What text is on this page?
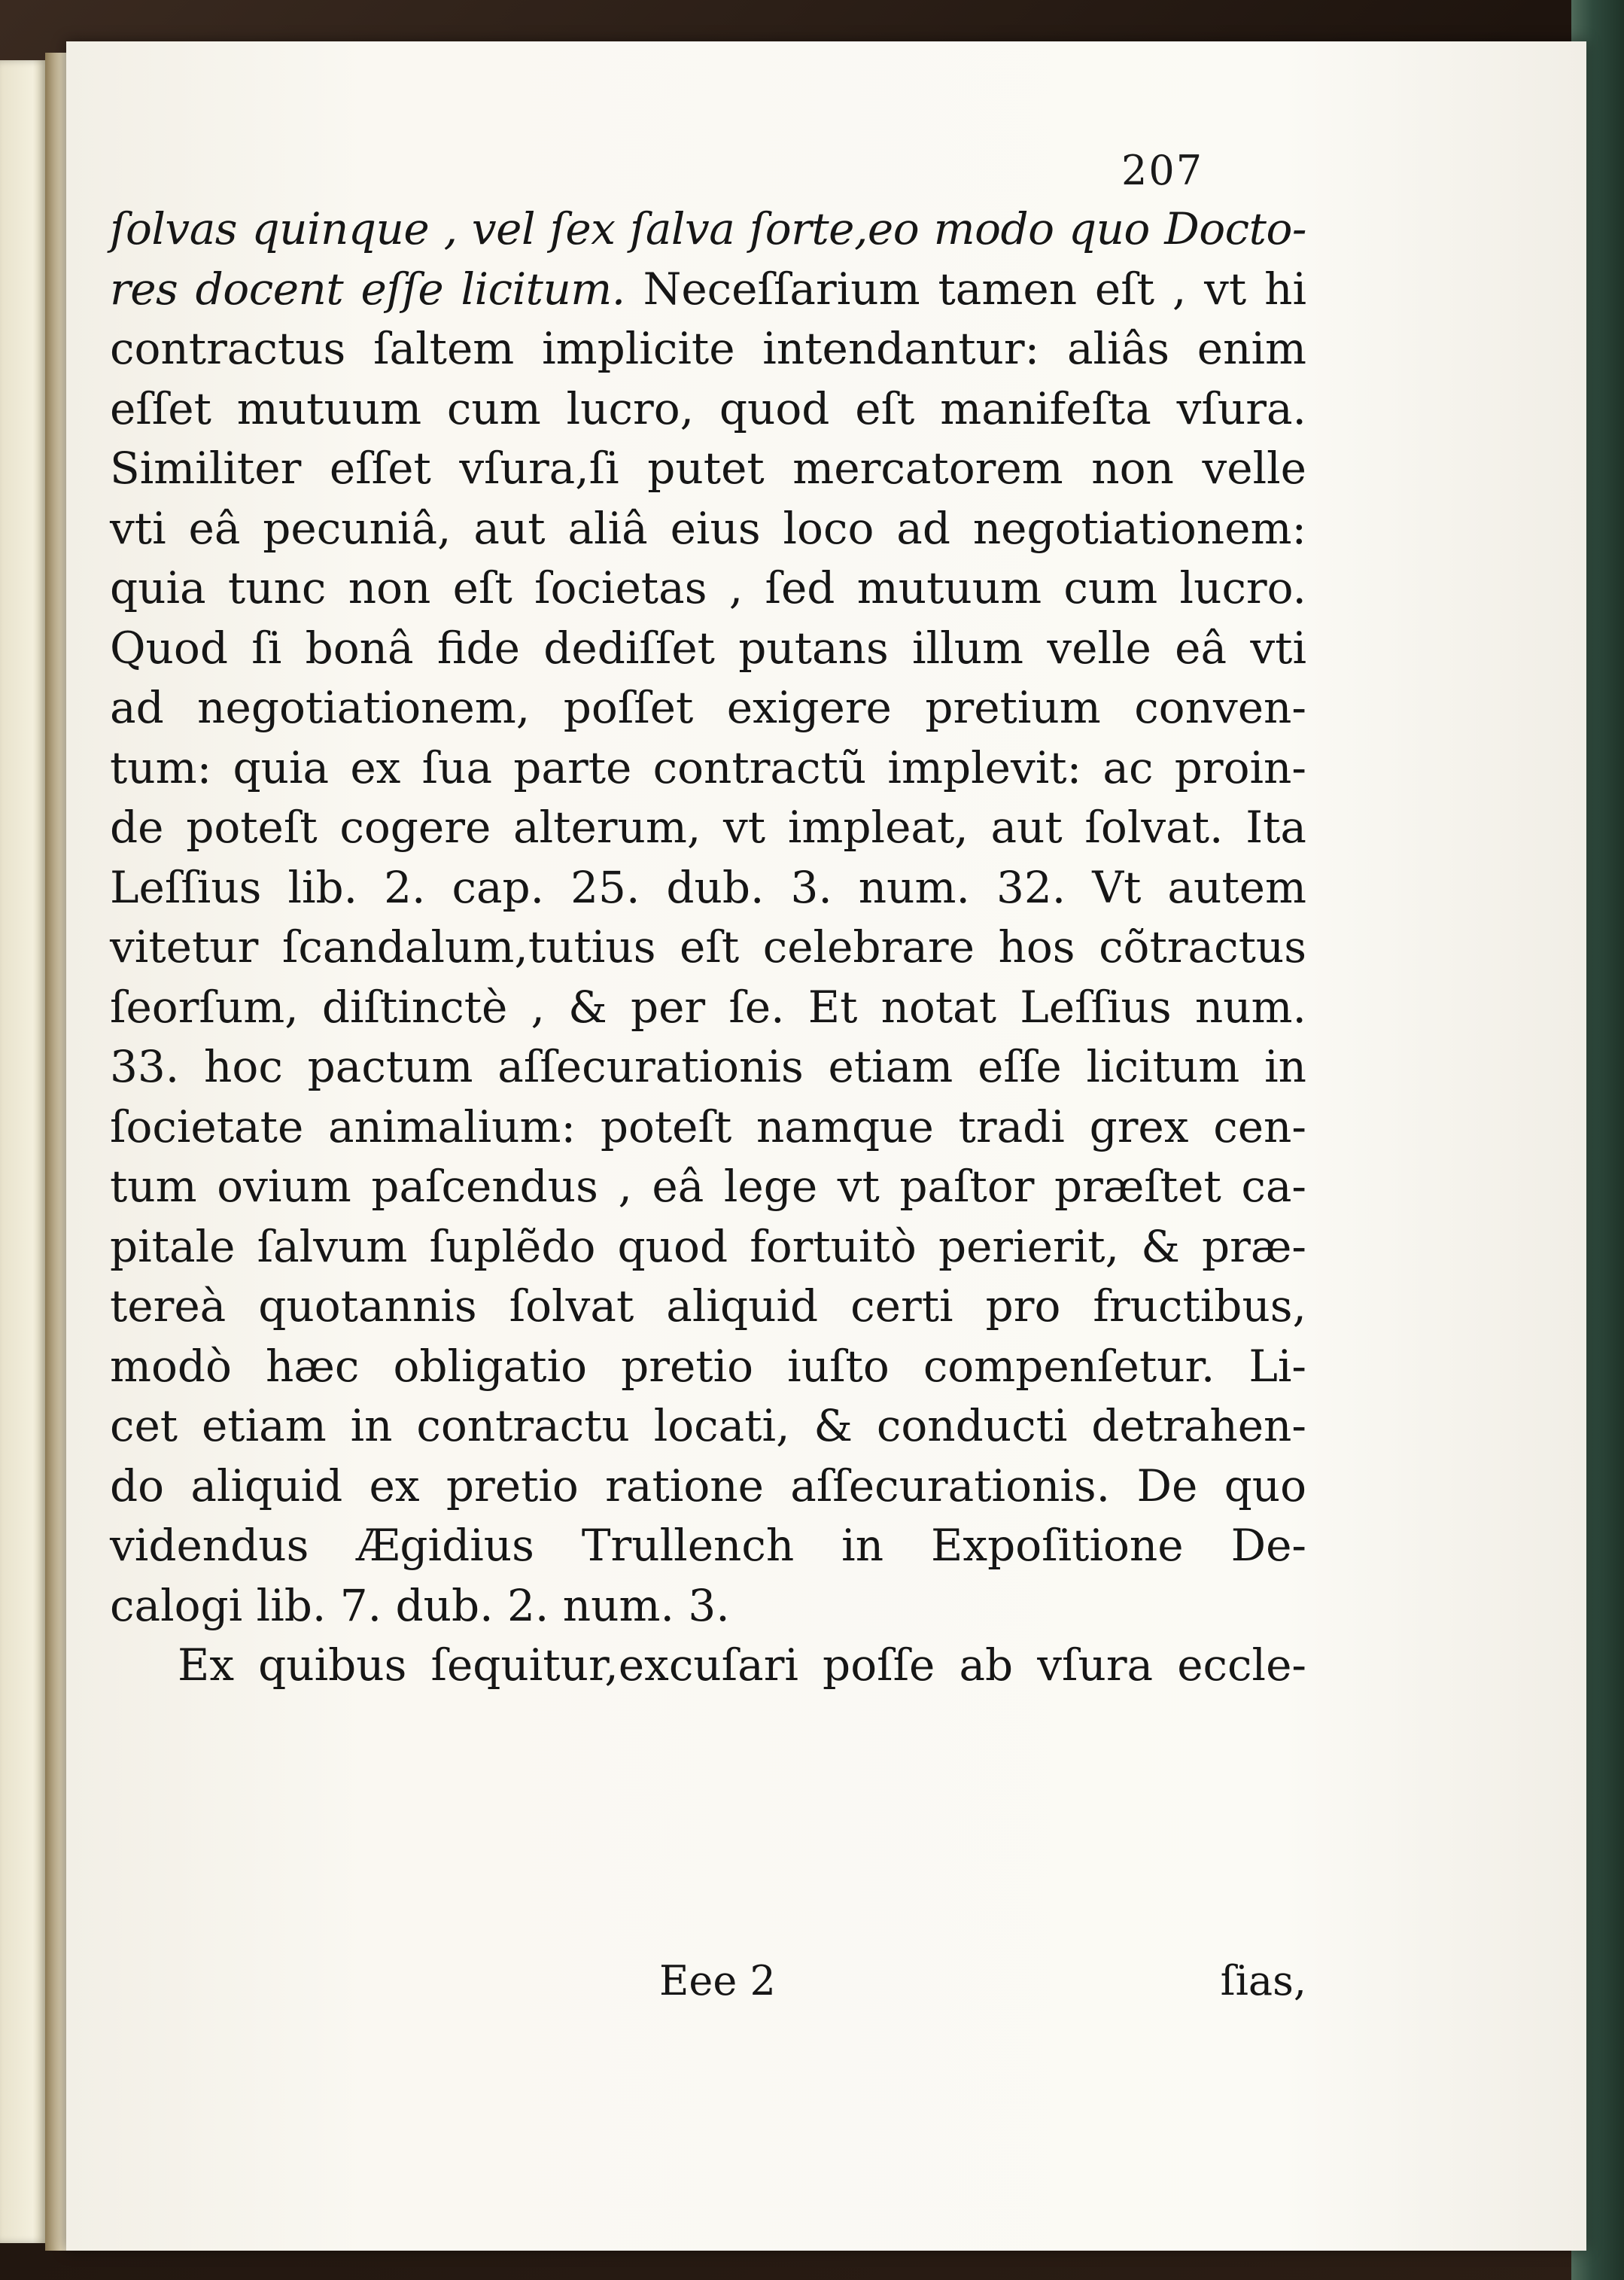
207
ſolvas quinque , vel ſex ſalva ſorte,eo modo quo Docto-
res docent eſſe licitum. Neceſſarium tamen eſt , vt hi
contractus ſaltem implicite intendantur: aliâs enim
eſſet mutuum cum lucro, quod eſt manifeſta vſura.
Similiter eſſet vſura,ſi putet mercatorem non velle
vti eâ pecuniâ, aut aliâ eius loco ad negotiationem:
quia tunc non eſt ſocietas , ſed mutuum cum lucro.
Quod ſi bonâ fide dediſſet putans illum velle eâ vti
ad negotiationem, poſſet exigere pretium conven-
tum: quia ex ſua parte contractũ implevit: ac proin-
de poteſt cogere alterum, vt impleat, aut ſolvat. Ita
Leſſius lib. 2. cap. 25. dub. 3. num. 32. Vt autem
vitetur ſcandalum,tutius eſt celebrare hos cõtractus
ſeorſum, diſtinctè , & per ſe. Et notat Leſſius num.
33. hoc pactum aſſecurationis etiam eſſe licitum in
ſocietate animalium: poteſt namque tradi grex cen-
tum ovium paſcendus , eâ lege vt paſtor præſtet ca-
pitale ſalvum ſuplẽdo quod fortuitò perierit, & præ-
tereà quotannis ſolvat aliquid certi pro fructibus,
modò hæc obligatio pretio iuſto compenſetur. Li-
cet etiam in contractu locati, & conducti detrahen-
do aliquid ex pretio ratione aſſecurationis. De quo
videndus Ægidius Trullench in Expoſitione De-
calogi lib. 7. dub. 2. num. 3.
Ex quibus ſequitur,excuſari poſſe ab vſura eccle-
Eee 2	ſias,
